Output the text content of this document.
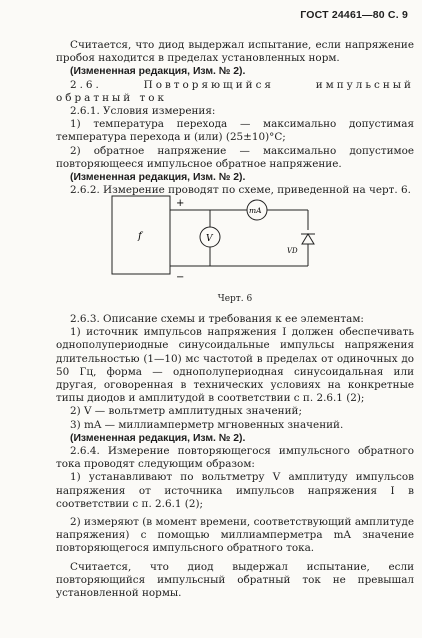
ГОСТ 24461—80 С. 9

Считается, что диод выдержал испытание, если напряжение пробоя находится в пределах установленных норм.

(Измененная редакция, Изм. № 2).

2.6. Повторяющийся импульсный обратный ток

2.6.1. Условия измерения:

1) температура перехода — максимально допустимая температура перехода и (или) (25±10)°С;

2) обратное напряжение — максимально допустимое повторяющееся импульсное обратное напряжение.

(Измененная редакция, Изм. № 2).

2.6.2. Измерение проводят по схеме, приведенной на черт. 6.

f
+
−
V
mA
VD
Черт. 6

2.6.3. Описание схемы и требования к ее элементам:

1) источник импульсов напряжения I должен обеспечивать однополупериодные синусоидальные импульсы напряжения длительностью (1—10) мс частотой в пределах от одиночных до 50 Гц, форма — однополупериодная синусоидальная или другая, оговоренная в технических условиях на конкретные типы диодов и амплитудой в соответствии с п. 2.6.1 (2);

2) V — вольтметр амплитудных значений;

3) mA — миллиамперметр мгновенных значений.

(Измененная редакция, Изм. № 2).

2.6.4. Измерение повторяющегося импульсного обратного тока проводят следующим образом:

1) устанавливают по вольтметру V амплитуду импульсов напряжения от источника импульсов напряжения I в соответствии с п. 2.6.1 (2);

2) измеряют (в момент времени, соответствующий амплитуде напряжения) с помощью миллиамперметра mA значение повторяющегося импульсного обратного тока.

Считается, что диод выдержал испытание, если повторяющийся импульсный обратный ток не превышал установленной нормы.
